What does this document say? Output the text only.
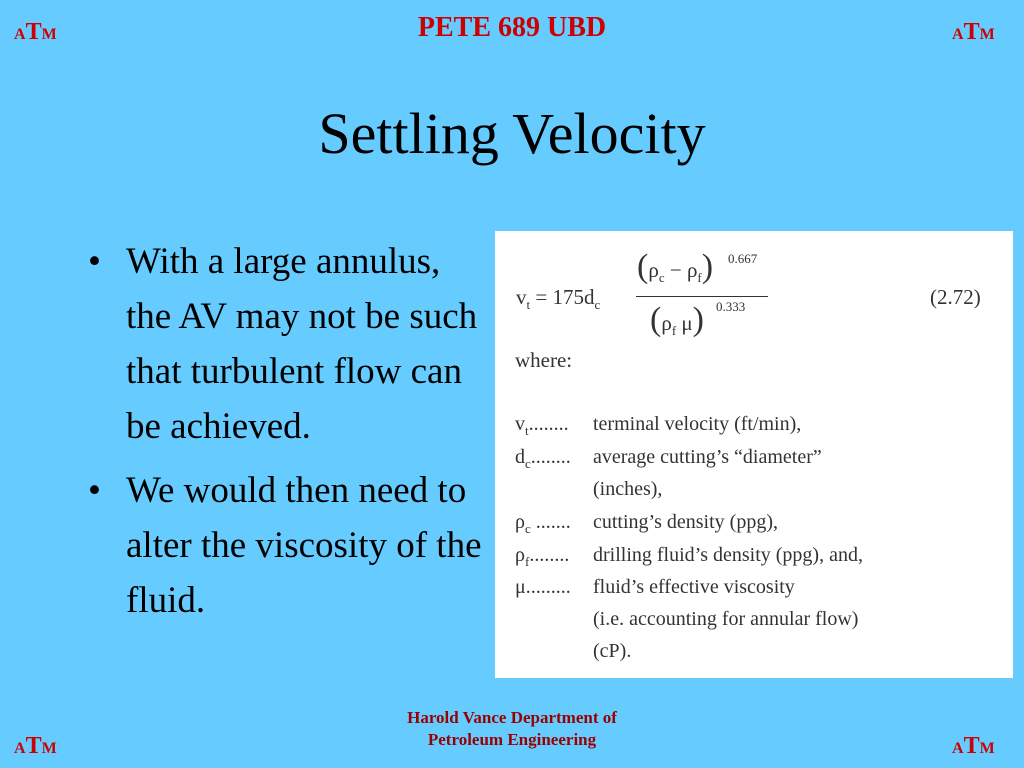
ATM	ATM
ATM	ATM
PETE 689 UBD
Settling Velocity
• With a large annulus, the AV may not be such that turbulent flow can be achieved.
• We would then need to alter the viscosity of the fluid.
$v_t = 175d_c$
$(\rho_c - \rho_f)$ 0.667
($\rho_f$ μ) 0.333	(2.72)
where:
$v_t$........ terminal velocity (ft/min),
$d_c$........ average cutting’s “diameter”
(inches),
$\rho_c$ ....... cutting’s density (ppg),
$\rho_f$........ drilling fluid’s density (ppg), and,
μ......... fluid’s effective viscosity
(i.e. accounting for annular flow)
(cP).
Harold Vance Department of
Petroleum Engineering
